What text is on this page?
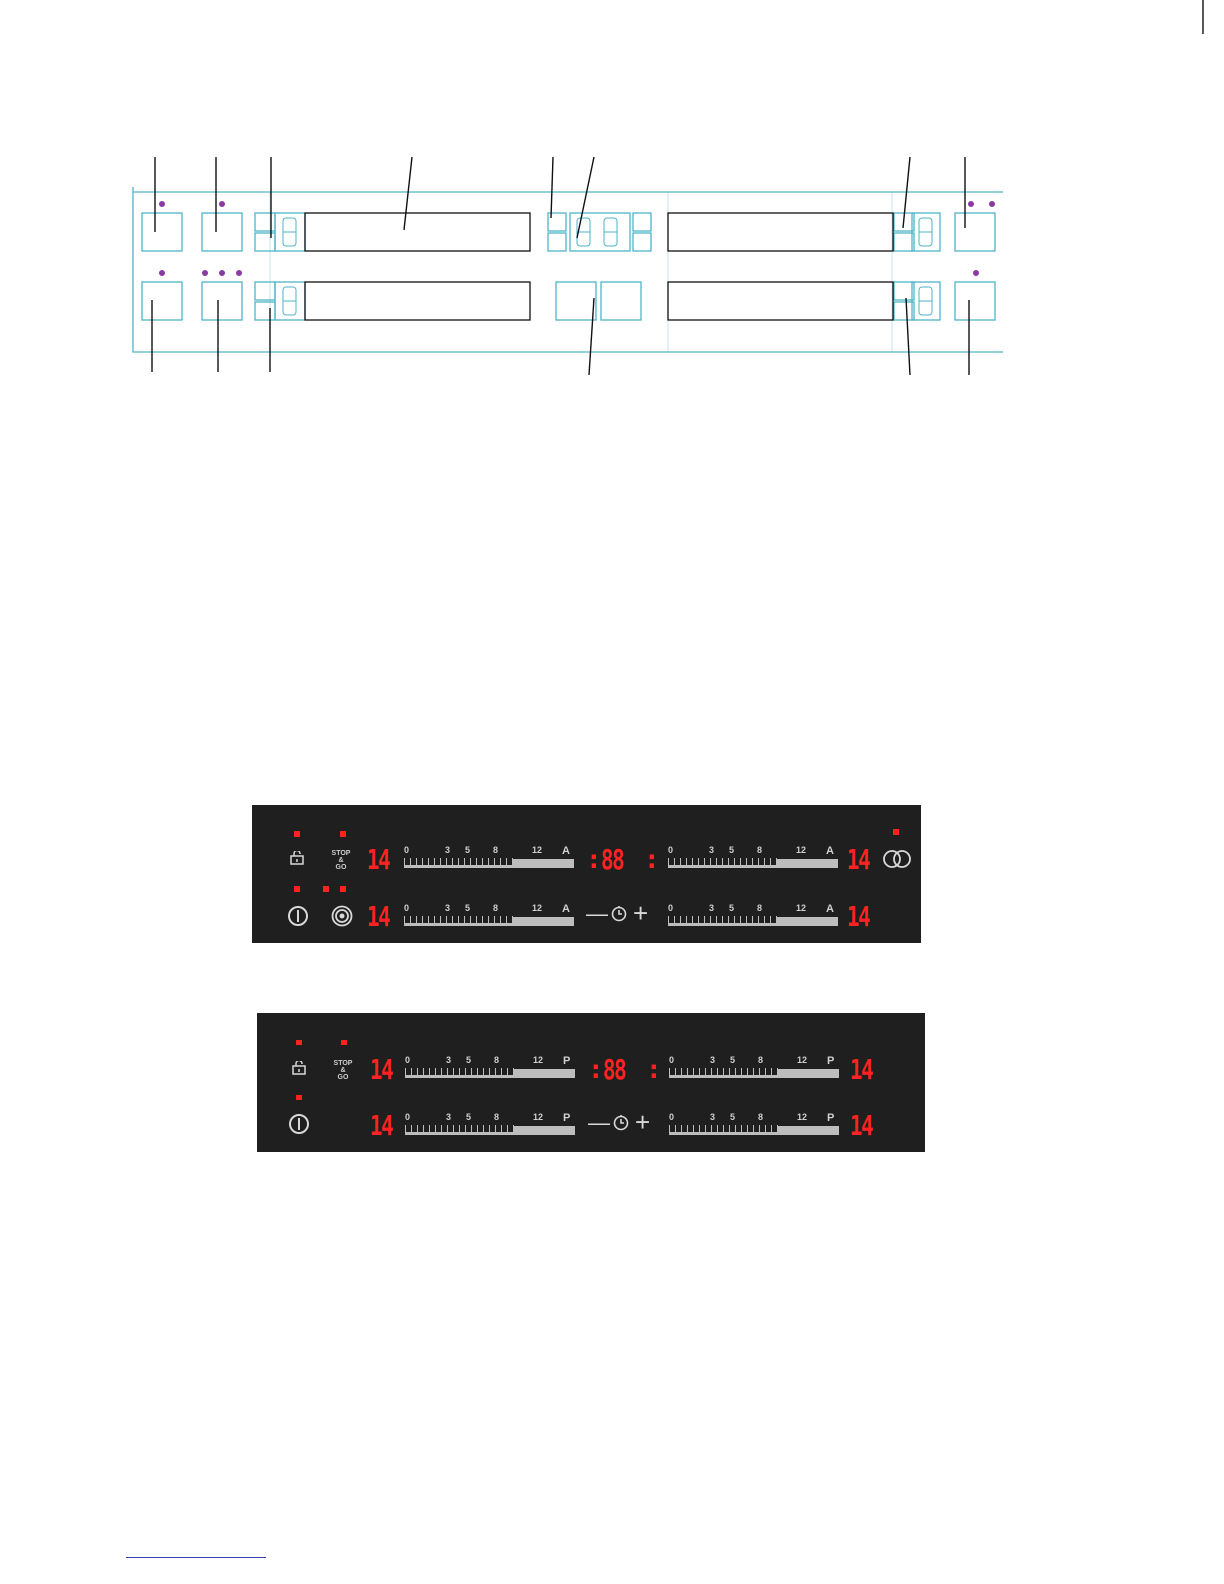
STOP
&
GO 14
14
14
14
: 88 :
— +
0	3 5	8	12 A
0	3 5	8	12 A
0	3 5	8	12 A
0	3 5	8	12 A
STOP
&
GO 14
14
14
14
: 88 :
— +
0	3 5	8	12 P
0	3 5	8	12 P
0	3 5	8	12 P
0	3 5	8	12 P
